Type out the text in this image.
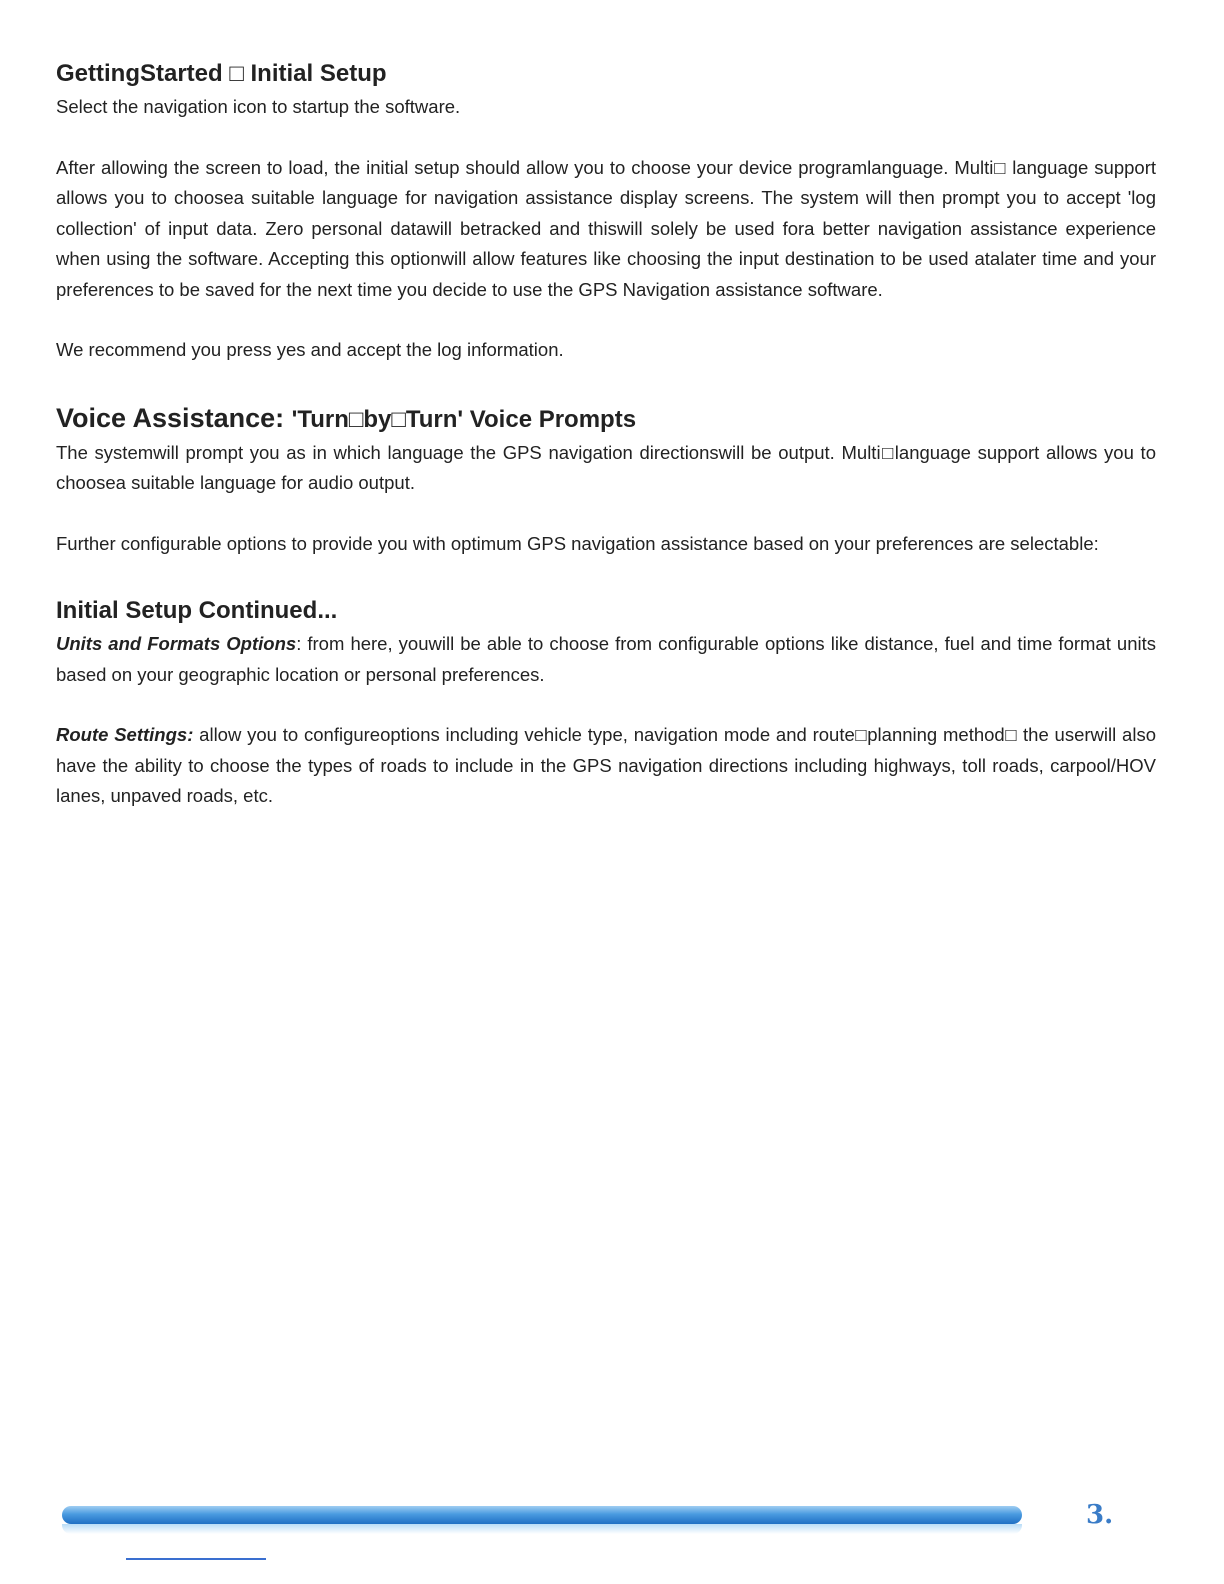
GettingStarted □ Initial Setup

Select the navigation icon to startup the software.

After allowing the screen to load, the initial setup should allow you to choose your device programlanguage. Multi□ language support allows you to choosea suitable language for navigation assistance display screens. The system will then prompt you to accept 'log collection' of input data. Zero personal datawill betracked and thiswill solely be used fora better navigation assistance experience when using the software. Accepting this optionwill allow features like choosing the input destination to be used atalater time and your preferences to be saved for the next time you decide to use the GPS Navigation assistance software.

We recommend you press yes and accept the log information.

Voice Assistance: 'Turn□by□Turn' Voice Prompts

The systemwill prompt you as in which language the GPS navigation directionswill be output. Multi□language support allows you to choosea suitable language for audio output.

Further configurable options to provide you with optimum GPS navigation assistance based on your preferences are selectable:

Initial Setup Continued...

Units and Formats Options: from here, youwill be able to choose from configurable options like distance, fuel and time format units based on your geographic location or personal preferences.

Route Settings: allow you to configureoptions including vehicle type, navigation mode and route□planning method□ the userwill also have the ability to choose the types of roads to include in the GPS navigation directions including highways, toll roads, carpool/HOV lanes, unpaved roads, etc.

3.
